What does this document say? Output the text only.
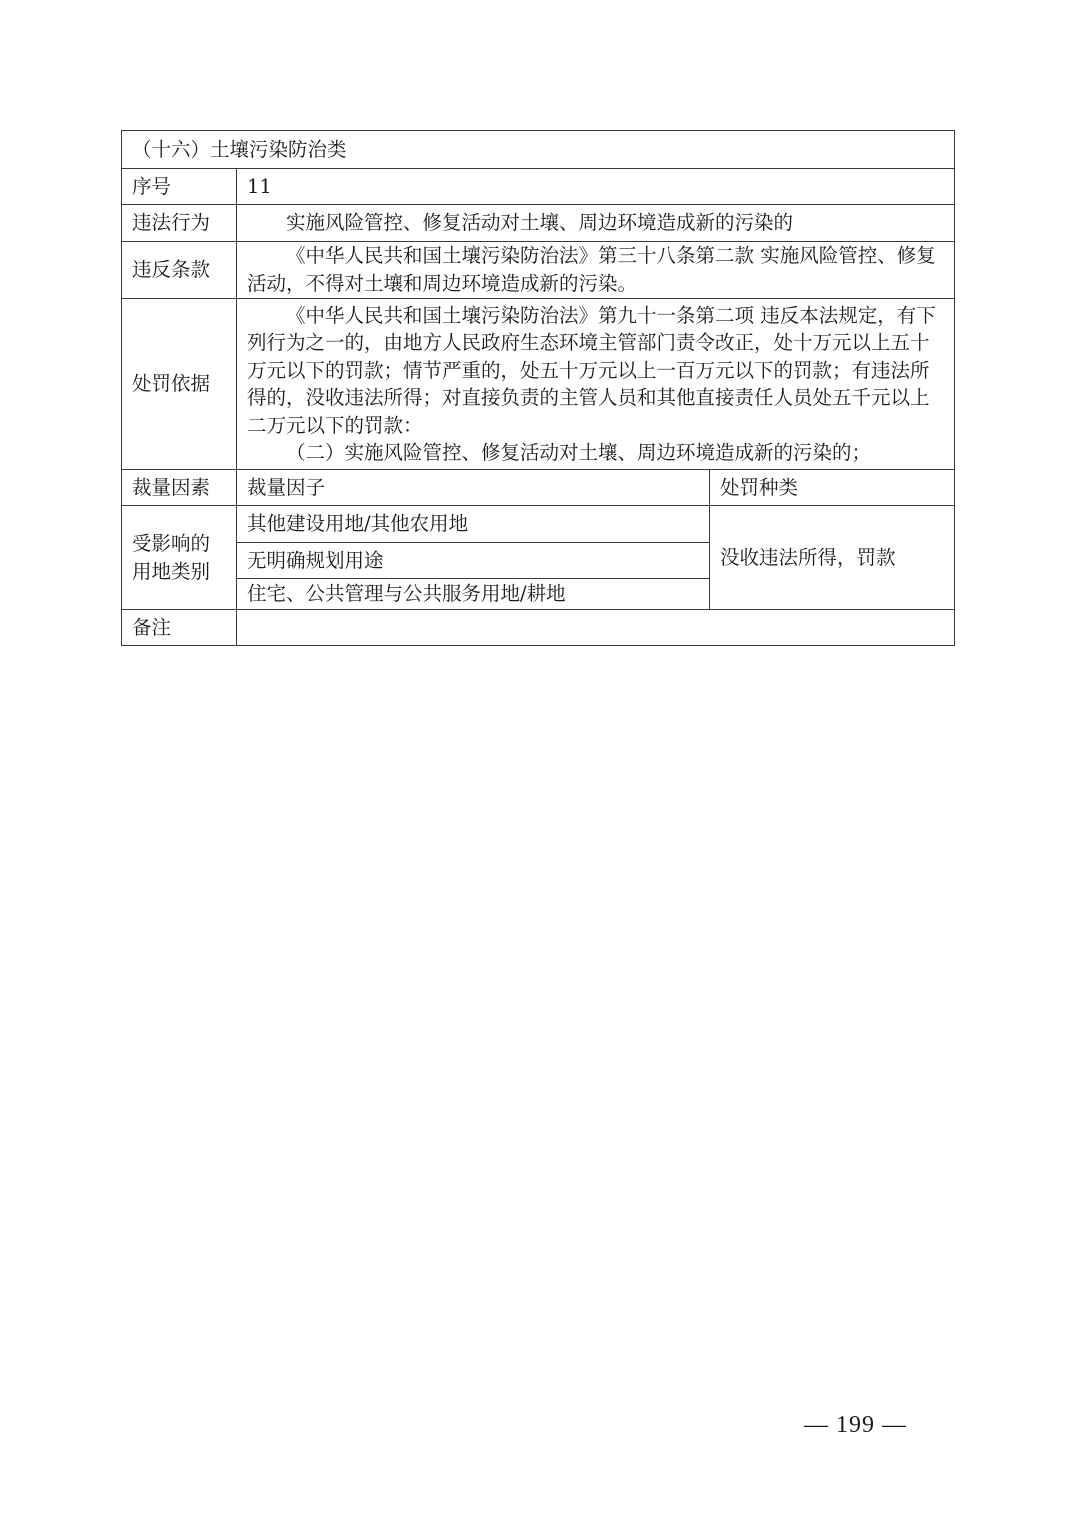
（十六）土壤污染防治类		
序号	11	
违法行为	实施风险管控、修复活动对土壤、周边环境造成新的污染的	
违反条款	《中华人民共和国土壤污染防治法》第三十八条第二款 实施风险管控、修复活动，不得对土壤和周边环境造成新的污染。	
处罚依据	《中华人民共和国土壤污染防治法》第九十一条第二项 违反本法规定，有下列行为之一的，由地方人民政府生态环境主管部门责令改正，处十万元以上五十万元以下的罚款；情节严重的，处五十万元以上一百万元以下的罚款；有违法所得的，没收违法所得；对直接负责的主管人员和其他直接责任人员处五千元以上二万元以下的罚款：
（二）实施风险管控、修复活动对土壤、周边环境造成新的污染的；	

裁量因素	裁量因子	处罚种类
受影响的用地类别	其他建设用地/其他农用地	没收违法所得，罚款
	无明确规划用途	
	住宅、公共管理与公共服务用地/耕地	
备注		
— 199 —
